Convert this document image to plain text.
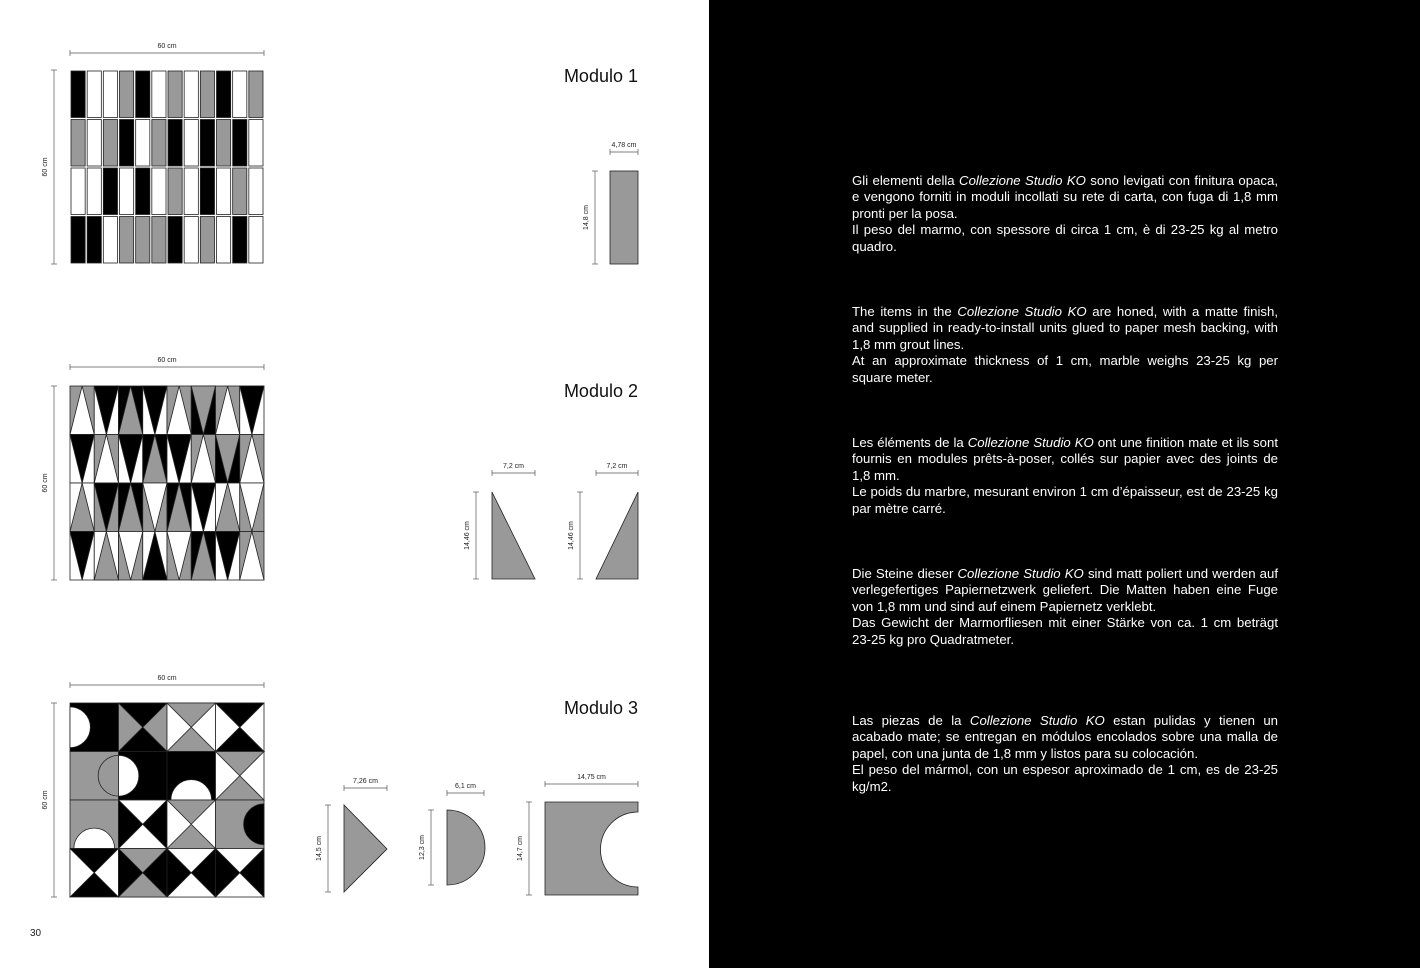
60 cm
60 cm
4,78 cm
14,8 cm
60 cm
60 cm
7,2 cm
14,46 cm
7,2 cm
14,46 cm
60 cm
60 cm
7,26 cm
14,5 cm
6,1 cm
12,3 cm
14,75 cm
14,7 cm
Modulo 1
Modulo 2
Modulo 3
30

Gli elementi della Collezione Studio KO sono levigati con finitura opaca, e vengono forniti in moduli incollati su rete di carta, con fuga di 1,8 mm pronti per la posa.

Il peso del marmo, con spessore di circa 1 cm, è di 23-25 kg al metro quadro.

The items in the Collezione Studio KO are honed, with a matte finish, and supplied in ready-to-install units glued to paper mesh backing, with 1,8 mm grout lines.

At an approximate thickness of 1 cm, marble weighs 23-25 kg per square meter.

Les éléments de la Collezione Studio KO ont une finition mate et ils sont fournis en modules prêts-à-poser, collés sur papier avec des joints de 1,8 mm.

Le poids du marbre, mesurant environ 1 cm d’épaisseur, est de 23-25 kg par mètre carré.

Die Steine dieser Collezione Studio KO sind matt poliert und werden auf verlegefertiges Papiernetzwerk geliefert. Die Matten haben eine Fuge von 1,8 mm und sind auf einem Papiernetz verklebt.

Das Gewicht der Marmorfliesen mit einer Stärke von ca. 1 cm beträgt 23-25 kg pro Quadratmeter.

Las piezas de la Collezione Studio KO estan pulidas y tienen un acabado mate; se entregan en módulos encolados sobre una malla de papel, con una junta de 1,8 mm y listos para su colocación.

El peso del mármol, con un espesor aproximado de 1 cm, es de 23-25 kg/m2.
